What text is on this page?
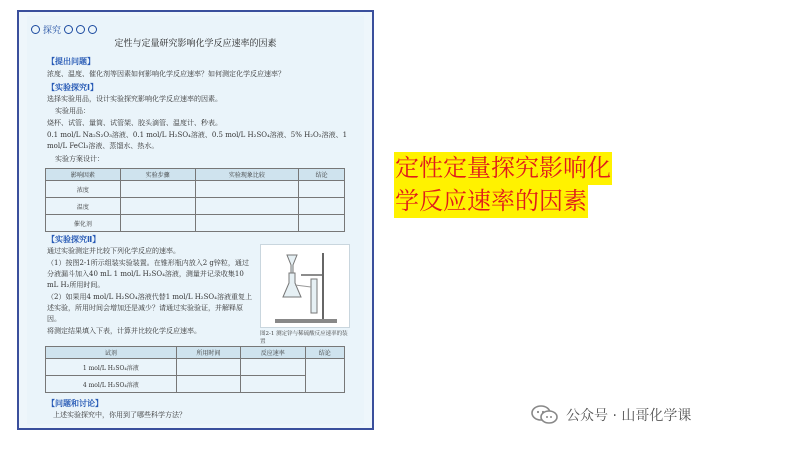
探究
定性与定量研究影响化学反应速率的因素
【提出问题】
浓度、温度、催化剂等因素如何影响化学反应速率？如何测定化学反应速率？
【实验探究Ⅰ】
选择实验用品，设计实验探究影响化学反应速率的因素。
实验用品：
烧杯、试管、量筒、试管架、胶头滴管、温度计、秒表。
0.1 mol/L Na₂S₂O₃溶液、0.1 mol/L H₂SO₄溶液、0.5 mol/L H₂SO₄溶液、5% H₂O₂溶液、1 mol/L FeCl₃溶液、蒸馏水、热水。
实验方案设计：
影响因素	实验步骤	实验现象比较	结论
浓度			
温度			
催化剂			
【实验探究Ⅱ】
通过实验测定并比较下列化学反应的速率。
（1）按图2-1所示组装实验装置。在锥形瓶内放入2 g锌粒，通过分液漏斗加入40 mL 1 mol/L H₂SO₄溶液，测量并记录收集10 mL H₂所用时间。
（2）如果用4 mol/L H₂SO₄溶液代替1 mol/L H₂SO₄溶液重复上述实验，所用时间会增加还是减少？请通过实验验证，并解释原因。
将测定结果填入下表，计算并比较化学反应速率。	图2-1 测定锌与稀硫酸反应速率的装置
试剂	所用时间	反应速率	结论
1 mol/L H₂SO₄溶液			
4 mol/L H₂SO₄溶液			
【问题和讨论】
上述实验探究中，你用到了哪些科学方法？
定性定量探究影响化
学反应速率的因素
公众号 · 山哥化学课
